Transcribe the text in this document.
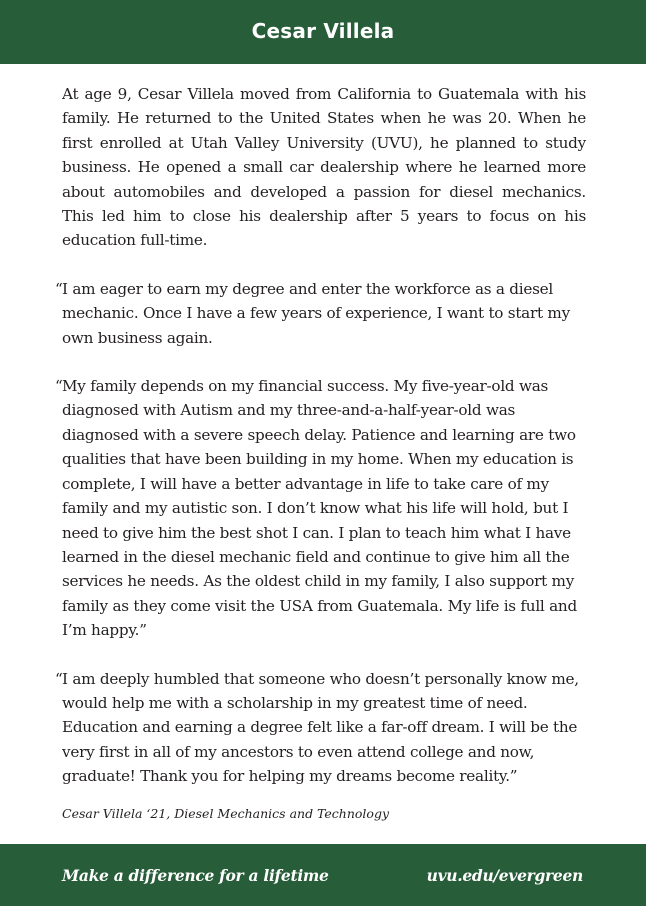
Cesar Villela

At age 9, Cesar Villela moved from California to Guatemala with his family. He returned to the United States when he was 20. When he first enrolled at Utah Valley University (UVU), he planned to study business. He opened a small car dealership where he learned more about automobiles and developed a passion for diesel mechanics. This led him to close his dealership after 5 years to focus on his education full-time.

“ I am eager to earn my degree and enter the workforce as a diesel mechanic. Once I have a few years of experience, I want to start my own business again.

“ My family depends on my financial success. My five-year-old was diagnosed with Autism and my three-and-a-half-year-old was diagnosed with a severe speech delay. Patience and learning are two qualities that have been building in my home. When my education is complete, I will have a better advantage in life to take care of my family and my autistic son. I don’t know what his life will hold, but I need to give him the best shot I can. I plan to teach him what I have learned in the diesel mechanic field and continue to give him all the services he needs. As the oldest child in my family, I also support my family as they come visit the USA from Guatemala. My life is full and I’m happy.”

“ I am deeply humbled that someone who doesn’t personally know me, would help me with a scholarship in my greatest time of need. Education and earning a degree felt like a far-off dream. I will be the very first in all of my ancestors to even attend college and now, graduate! Thank you for helping my dreams become reality.”

Cesar Villela ‘21, Diesel Mechanics and Technology

Make a difference for a lifetime	uvu.edu/evergreen
